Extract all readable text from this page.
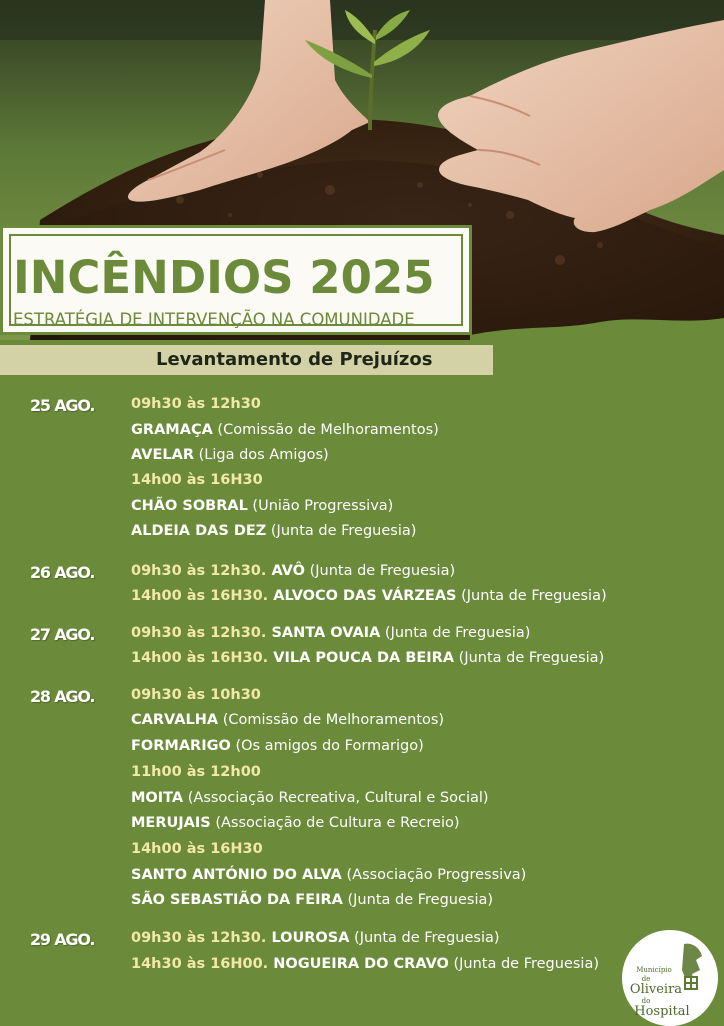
INCÊNDIOS 2025
ESTRATÉGIA DE INTERVENÇÃO NA COMUNIDADE
Levantamento de Prejuízos
25 AGO.	09h30 às 12h30
GRAMAÇA (Comissão de Melhoramentos)
AVELAR (Liga dos Amigos)
14h00 às 16H30
CHÃO SOBRAL (União Progressiva)
ALDEIA DAS DEZ (Junta de Freguesia)
26 AGO.	09h30 às 12h30. AVÔ (Junta de Freguesia)
14h00 às 16H30. ALVOCO DAS VÁRZEAS (Junta de Freguesia)
27 AGO.	09h30 às 12h30. SANTA OVAIA (Junta de Freguesia)
14h00 às 16H30. VILA POUCA DA BEIRA (Junta de Freguesia)
28 AGO.	09h30 às 10h30
CARVALHA (Comissão de Melhoramentos)
FORMARIGO (Os amigos do Formarigo)
11h00 às 12h00
MOITA (Associação Recreativa, Cultural e Social)
MERUJAIS (Associação de Cultura e Recreio)
14h00 às 16H30
SANTO ANTÓNIO DO ALVA (Associação Progressiva)
SÃO SEBASTIÃO DA FEIRA (Junta de Freguesia)
29 AGO.	09h30 às 12h30. LOUROSA (Junta de Freguesia)
14h30 às 16H00. NOGUEIRA DO CRAVO (Junta de Freguesia)	Município
de
Oliveira
do
Hospital
